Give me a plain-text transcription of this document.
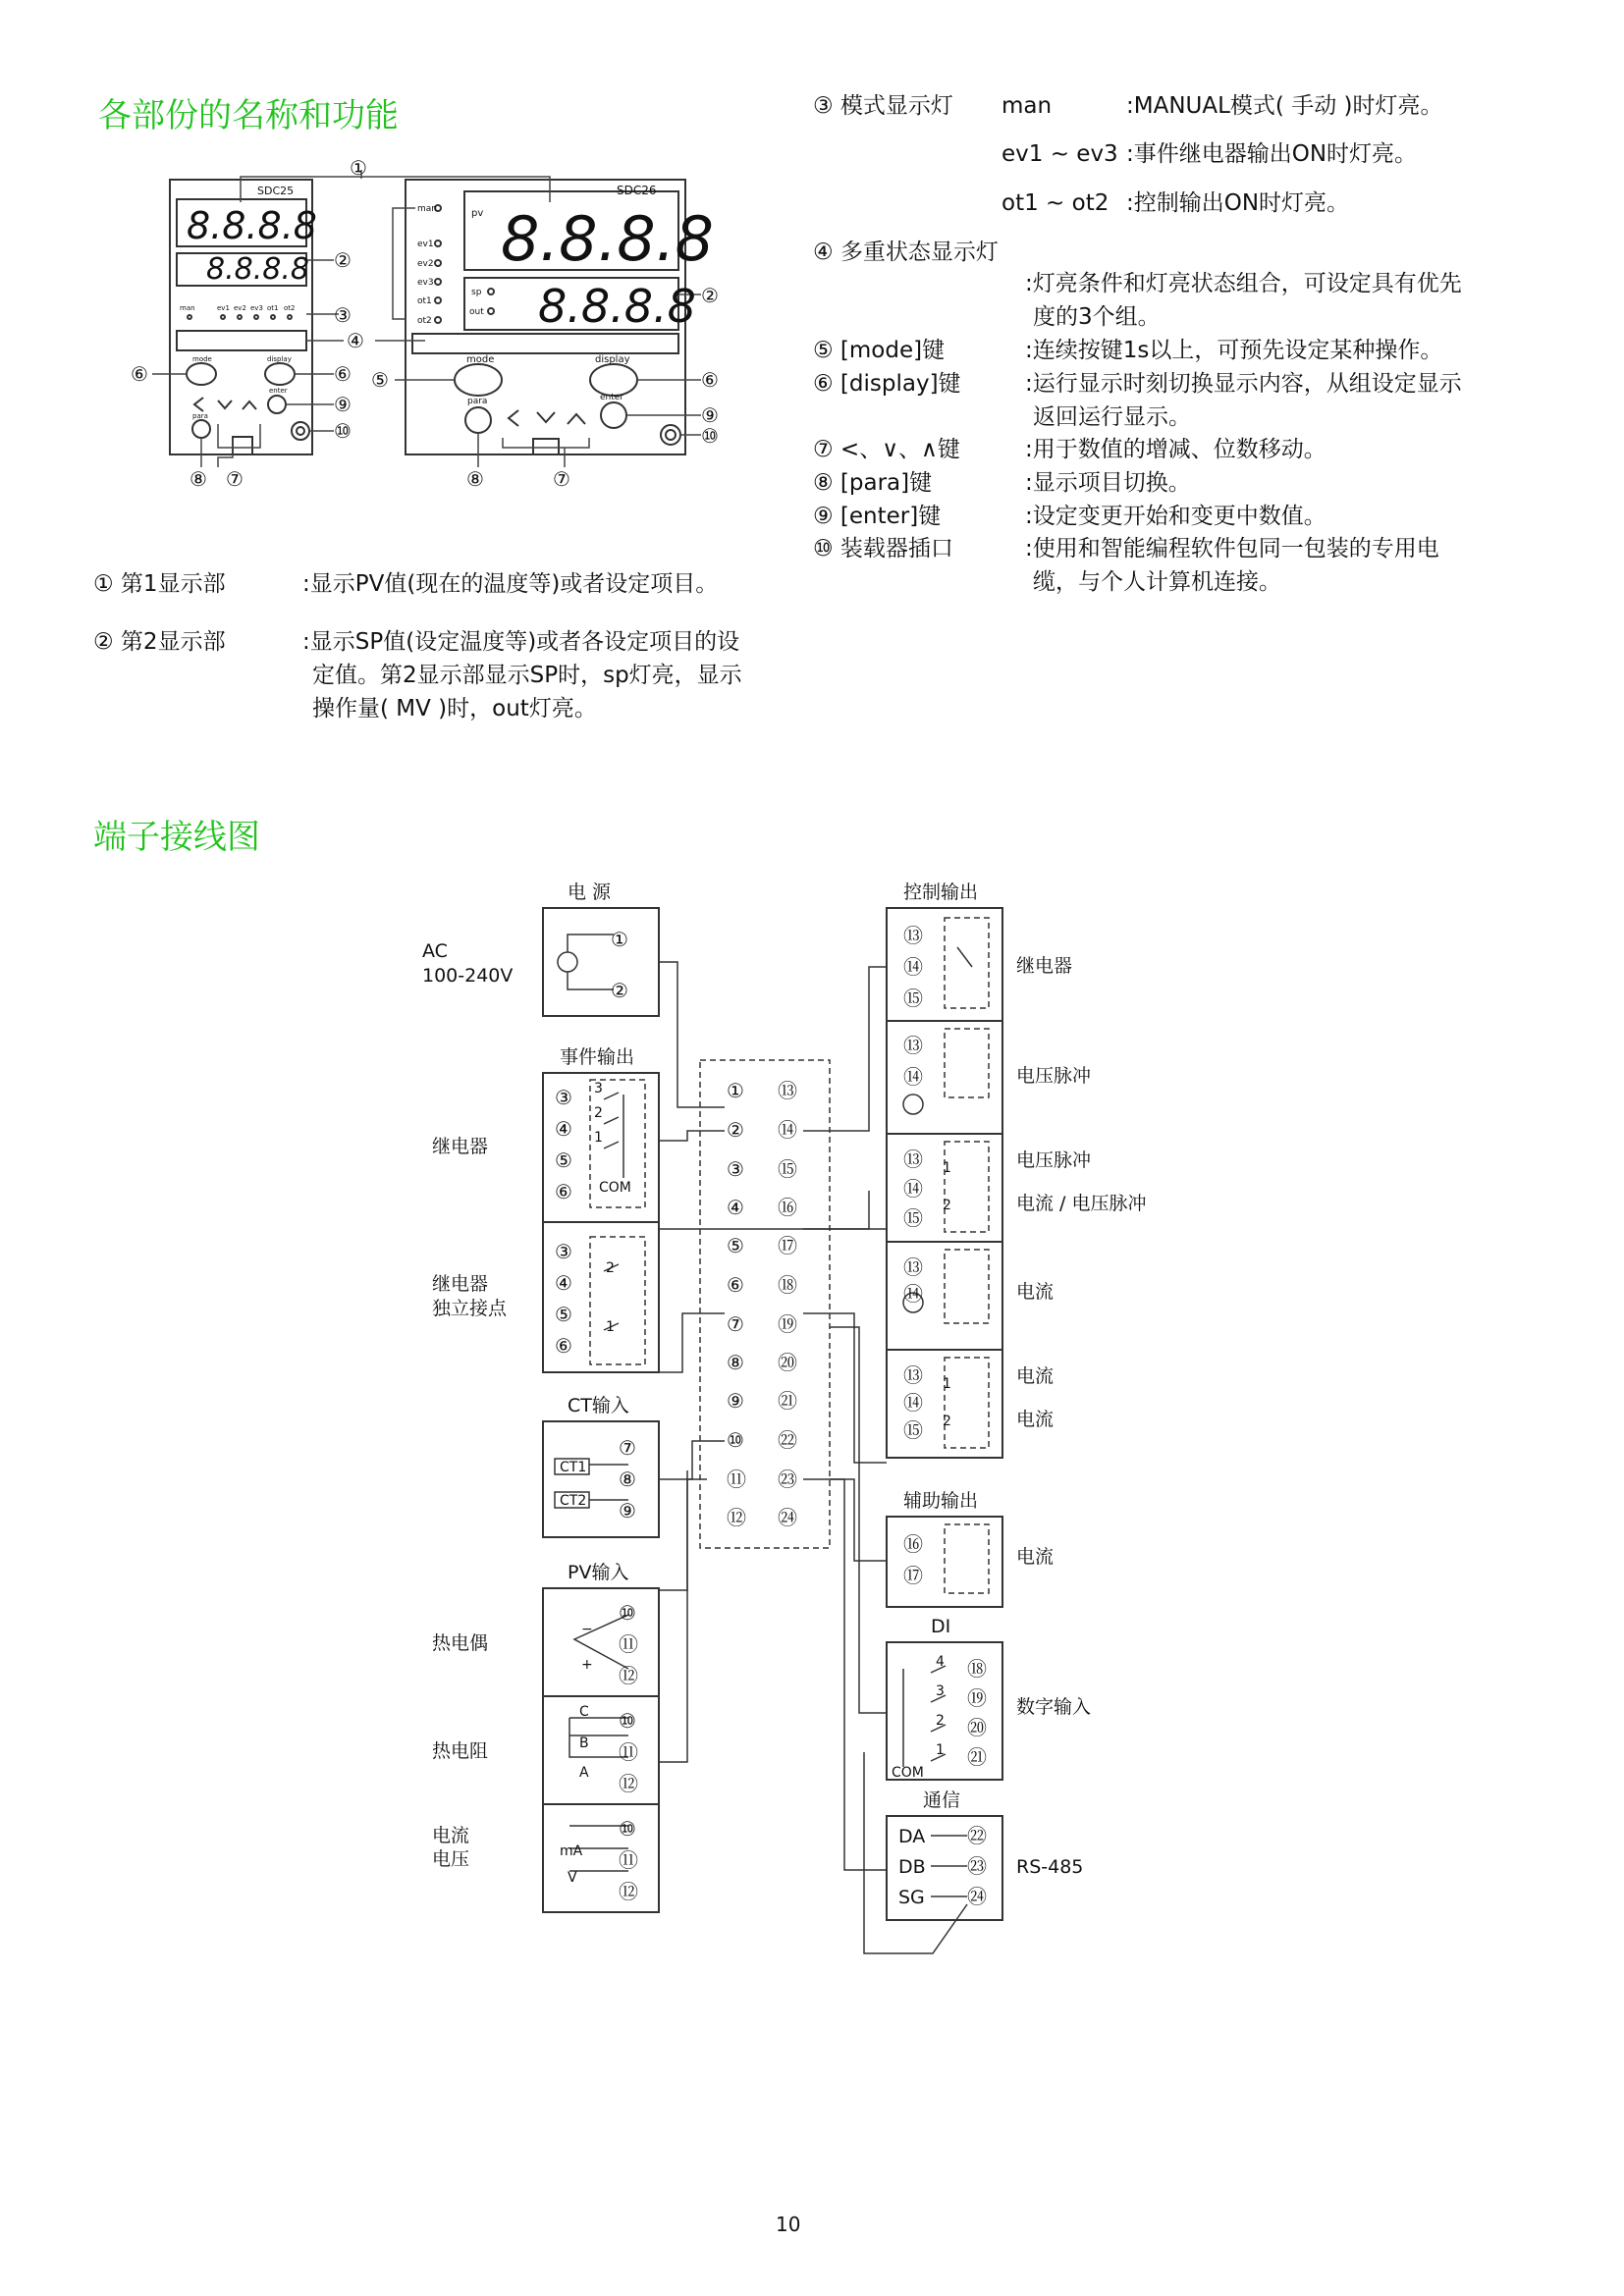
各部份的名称和功能
端子接线图
SDC25	SDC26
man	pv
ev1
ev2
ev3
ot1
ot2
sp
out
man	ev1 ev2 ev3 ot1 ot2
mode	display
enter
para
mode	display
enter
para
8.8.8.8
8.8.8.8	8.8.8.8
8.8.8.8
①
②
②
③
④
⑤
⑥	⑥	⑥
⑨	⑨
⑩	⑩
⑧ ⑦	⑧	⑦
① 第1显示部	:显示PV值(现在的温度等)或者设定项目。
② 第2显示部	:显示SP值(设定温度等)或者各设定项目的设
定值。第2显示部显示SP时，sp灯亮，显示
操作量( MV )时，out灯亮。
③ 模式显示灯 man	:MANUAL模式( 手动 )时灯亮。
ev1 ~ ev3 :事件继电器输出ON时灯亮。
ot1 ~ ot2 :控制输出ON时灯亮。
④ 多重状态显示灯
:灯亮条件和灯亮状态组合，可设定具有优先
度的3个组。
⑤ [mode]键	:连续按键1s以上，可预先设定某种操作。
⑥ [display]键	:运行显示时刻切换显示内容，从组设定显示
返回运行显示。
⑦ <、∨、∧键	:用于数值的增减、位数移动。
⑧ [para]键	:显示项目切换。
⑨ [enter]键	:设定变更开始和变更中数值。
⑩ 装载器插口	:使用和智能编程软件包同一包装的专用电
缆，与个人计算机连接。
①
②
③
④
⑤
⑥
③
④
⑤
⑥
⑦
⑧
⑨
⑩
⑪
⑫
⑩
⑪
⑫
⑩
⑪
⑫
①
②
③
④
⑤
⑥
⑦
⑧
⑨
⑩
⑪
⑫
⑬
⑭
⑮
⑯
⑰
⑱
⑲
⑳
㉑
㉒
㉓
㉔
⑬
⑭
⑮
⑬
⑭
⑬
⑭
⑮
⑬
⑭
⑬
⑭
⑮
⑯
⑰
⑱
⑲
⑳
㉑
㉒
㉓
㉔
3
2
1
COM
2
1
CT1
CT2
−
+
C
B
A
mA
V
1
2
1
2
4
3
2
1
COM
电 源
AC
100-240V
事件输出
继电器
继电器
独立接点
CT输入
PV输入
热电偶
热电阻
电流
电压
控制输出
继电器
电压脉冲
电压脉冲
电流 / 电压脉冲
电流
电流
电流
辅助输出
电流
DI
数字输入
通信
DA
DB
SG
RS-485
10
